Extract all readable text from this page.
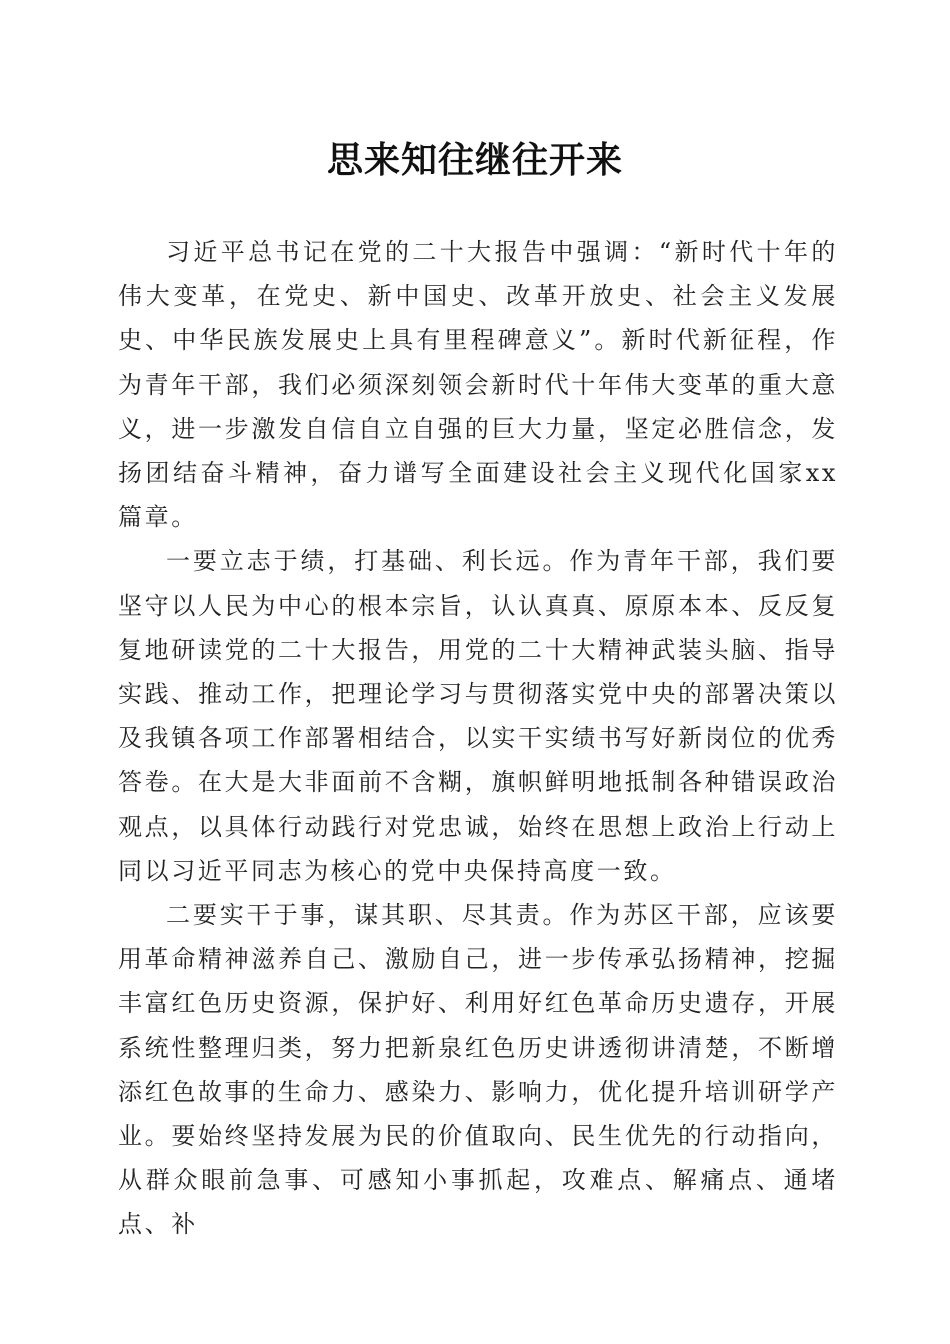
思来知往继往开来

习近平总书记在党的二十大报告中强调：“新时代十年的伟大变革，在党史、新中国史、改革开放史、社会主义发展史、中华民族发展史上具有里程碑意义”。新时代新征程，作为青年干部，我们必须深刻领会新时代十年伟大变革的重大意义，进一步激发自信自立自强的巨大力量，坚定必胜信念，发扬团结奋斗精神，奋力谱写全面建设社会主义现代化国家xx篇章。

一要立志于绩，打基础、利长远。作为青年干部，我们要坚守以人民为中心的根本宗旨，认认真真、原原本本、反反复复地研读党的二十大报告，用党的二十大精神武装头脑、指导实践、推动工作，把理论学习与贯彻落实党中央的部署决策以及我镇各项工作部署相结合，以实干实绩书写好新岗位的优秀答卷。在大是大非面前不含糊，旗帜鲜明地抵制各种错误政治观点，以具体行动践行对党忠诚，始终在思想上政治上行动上同以习近平同志为核心的党中央保持高度一致。

二要实干于事，谋其职、尽其责。作为苏区干部，应该要用革命精神滋养自己、激励自己，进一步传承弘扬精神，挖掘丰富红色历史资源，保护好、利用好红色革命历史遗存，开展系统性整理归类，努力把新泉红色历史讲透彻讲清楚，不断增添红色故事的生命力、感染力、影响力，优化提升培训研学产业。要始终坚持发展为民的价值取向、民生优先的行动指向，从群众眼前急事、可感知小事抓起，攻难点、解痛点、通堵点、补
